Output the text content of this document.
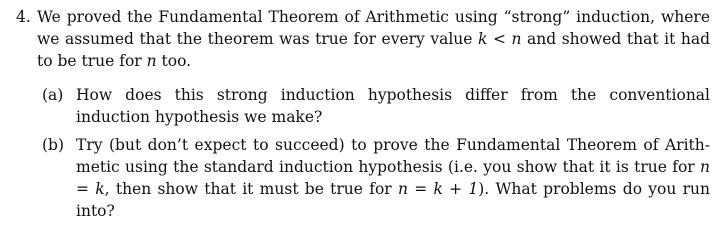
4. We proved the Fundamental Theorem of Arithmetic using “strong” induction, where we assumed that the theorem was true for every value k < n and showed that it had to be true for n too.
(a) How does this strong induction hypothesis differ from the conventional induction hypothesis we make?
(b) Try (but don’t expect to succeed) to prove the Fundamental Theorem of Arith-metic using the standard induction hypothesis (i.e. you show that it is true for n = k, then show that it must be true for n = k + 1). What problems do you run into?
